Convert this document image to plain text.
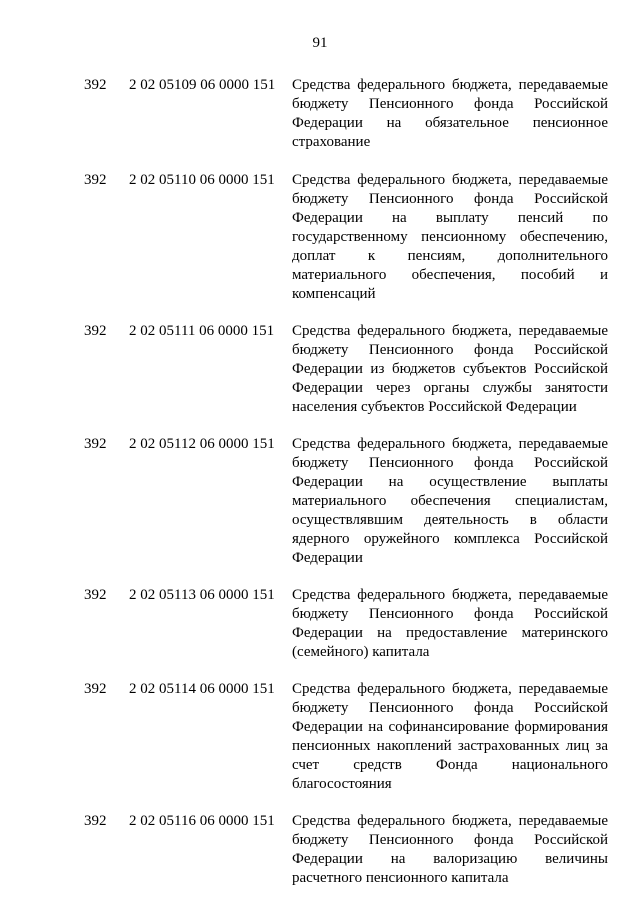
91
392	2 02 05109 06 0000 151	Средства федерального бюджета, передаваемые бюджету Пенсионного фонда Российской Федерации на обязательное пенсионное страхование
392	2 02 05110 06 0000 151	Средства федерального бюджета, передаваемые бюджету Пенсионного фонда Российской Федерации на выплату пенсий по государственному пенсионному обеспечению, доплат к пенсиям, дополнительного материального обеспечения, пособий и компенсаций
392	2 02 05111 06 0000 151	Средства федерального бюджета, передаваемые бюджету Пенсионного фонда Российской Федерации из бюджетов субъектов Российской Федерации через органы службы занятости населения субъектов Российской Федерации
392	2 02 05112 06 0000 151	Средства федерального бюджета, передаваемые бюджету Пенсионного фонда Российской Федерации на осуществление выплаты материального обеспечения специалистам, осуществлявшим деятельность в области ядерного оружейного комплекса Российской Федерации
392	2 02 05113 06 0000 151	Средства федерального бюджета, передаваемые бюджету Пенсионного фонда Российской Федерации на предоставление материнского (семейного) капитала
392	2 02 05114 06 0000 151	Средства федерального бюджета, передаваемые бюджету Пенсионного фонда Российской Федерации на софинансирование формирования пенсионных накоплений застрахованных лиц за счет средств Фонда национального благосостояния
392	2 02 05116 06 0000 151	Средства федерального бюджета, передаваемые бюджету Пенсионного фонда Российской Федерации на валоризацию величины расчетного пенсионного капитала
